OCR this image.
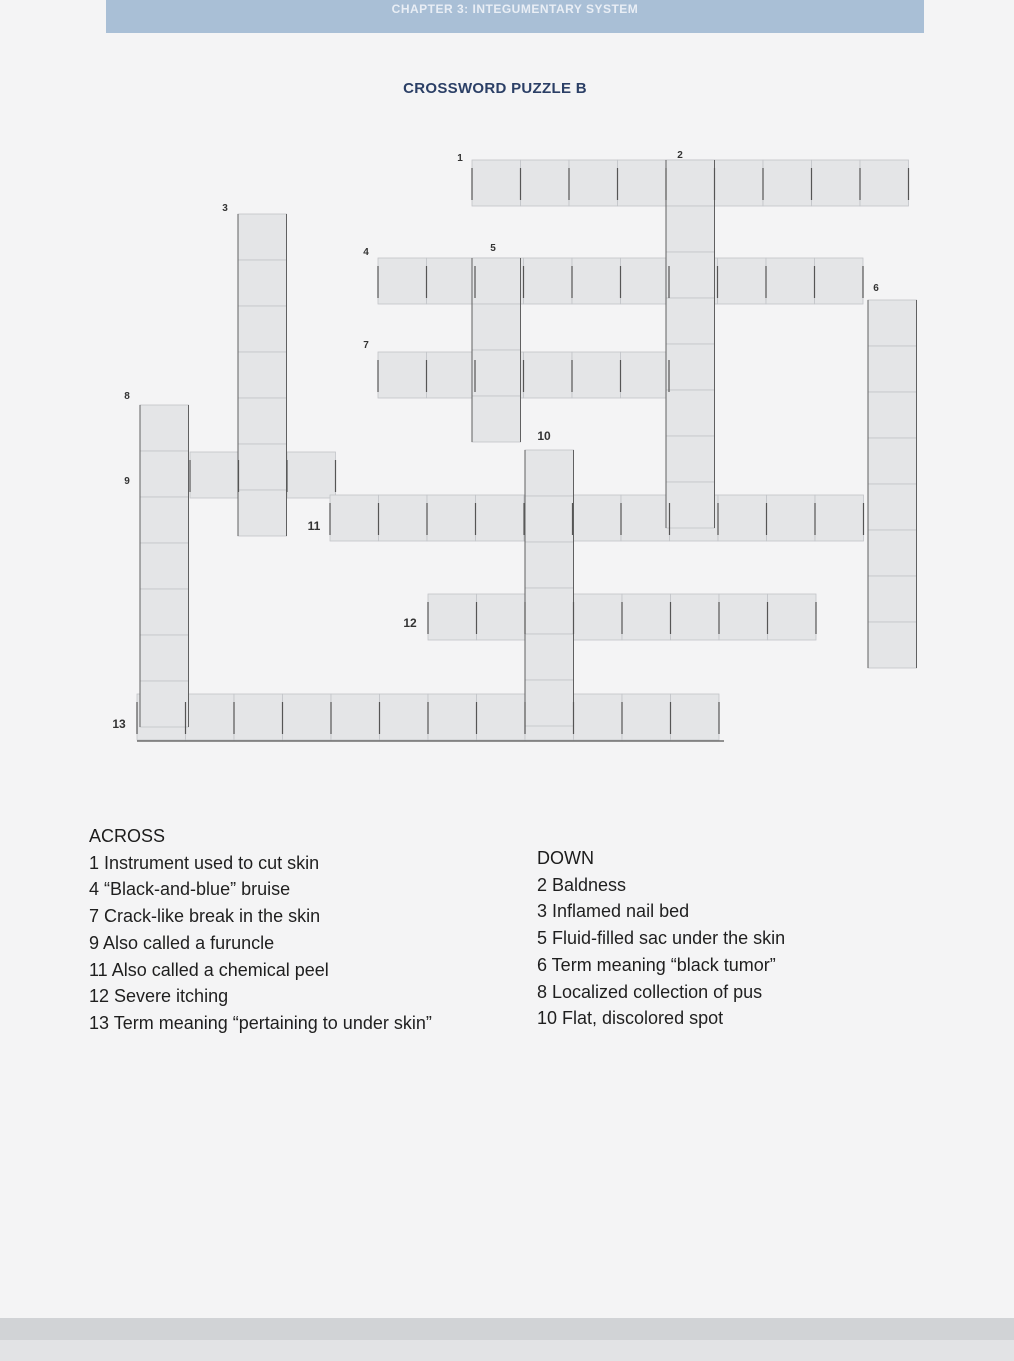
CHAPTER 3: INTEGUMENTARY SYSTEM
CROSSWORD PUZZLE B
1	2
3
4	5
6
7
8
9
10
11
12
13
ACROSS
1 Instrument used to cut skin
4 “Black-and-blue” bruise
7 Crack-like break in the skin
9 Also called a furuncle
11 Also called a chemical peel
12 Severe itching
13 Term meaning “pertaining to under skin”
DOWN
2 Baldness
3 Inflamed nail bed
5 Fluid-filled sac under the skin
6 Term meaning “black tumor”
8 Localized collection of pus
10 Flat, discolored spot
